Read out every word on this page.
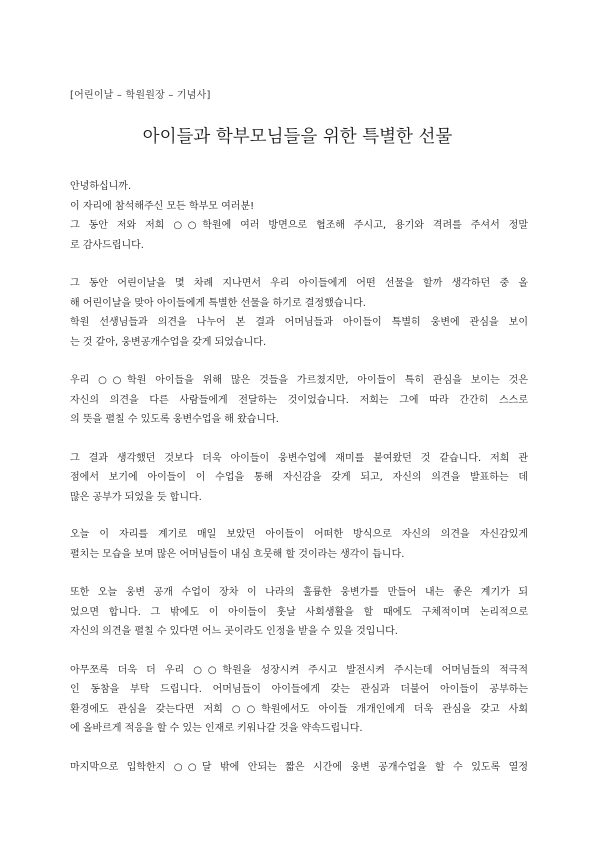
[어린이날 – 학원원장 – 기념사]
아이들과 학부모님들을 위한 특별한 선물
안녕하십니까.
이 자리에 참석해주신 모든 학부모 여러분!
그 동안 저와 저희 ○○학원에 여러 방면으로 협조해 주시고, 용기와 격려를 주셔서 정말
로 감사드립니다.
그 동안 어린이날을 몇 차례 지나면서 우리 아이들에게 어떤 선물을 할까 생각하던 중 올
해 어린이날을 맞아 아이들에게 특별한 선물을 하기로 결정했습니다.
학원 선생님들과 의견을 나누어 본 결과 어머님들과 아이들이 특별히 웅변에 관심을 보이
는 것 같아, 웅변공개수업을 갖게 되었습니다.
우리 ○○학원 아이들을 위해 많은 것들을 가르쳤지만, 아이들이 특히 관심을 보이는 것은
자신의 의견을 다른 사람들에게 전달하는 것이었습니다. 저희는 그에 따라 간간히 스스로
의 뜻을 펼칠 수 있도록 웅변수업을 해 왔습니다.
그 결과 생각했던 것보다 더욱 아이들이 웅변수업에 재미를 붙여왔던 것 같습니다. 저희 관
점에서 보기에 아이들이 이 수업을 통해 자신감을 갖게 되고, 자신의 의견을 발표하는 데
많은 공부가 되었을 듯 합니다.
오늘 이 자리를 계기로 매일 보았던 아이들이 어떠한 방식으로 자신의 의견을 자신감있게
펼치는 모습을 보며 많은 어머님들이 내심 흐뭇해 할 것이라는 생각이 듭니다.
또한 오늘 웅변 공개 수업이 장차 이 나라의 훌륭한 웅변가를 만들어 내는 좋은 계기가 되
었으면 합니다. 그 밖에도 이 아이들이 훗날 사회생활을 할 때에도 구체적이며 논리적으로
자신의 의견을 펼칠 수 있다면 어느 곳이라도 인정을 받을 수 있을 것입니다.
아무쪼록 더욱 더 우리 ○○학원을 성장시켜 주시고 발전시켜 주시는데 어머님들의 적극적
인 동참을 부탁 드립니다. 어머님들이 아이들에게 갖는 관심과 더불어 아이들이 공부하는
환경에도 관심을 갖는다면 저희 ○○학원에서도 아이들 개개인에게 더욱 관심을 갖고 사회
에 올바르게 적응을 할 수 있는 인재로 키워나갈 것을 약속드립니다.
마지막으로 입학한지 ○○달 밖에 안되는 짧은 시간에 웅변 공개수업을 할 수 있도록 열정
